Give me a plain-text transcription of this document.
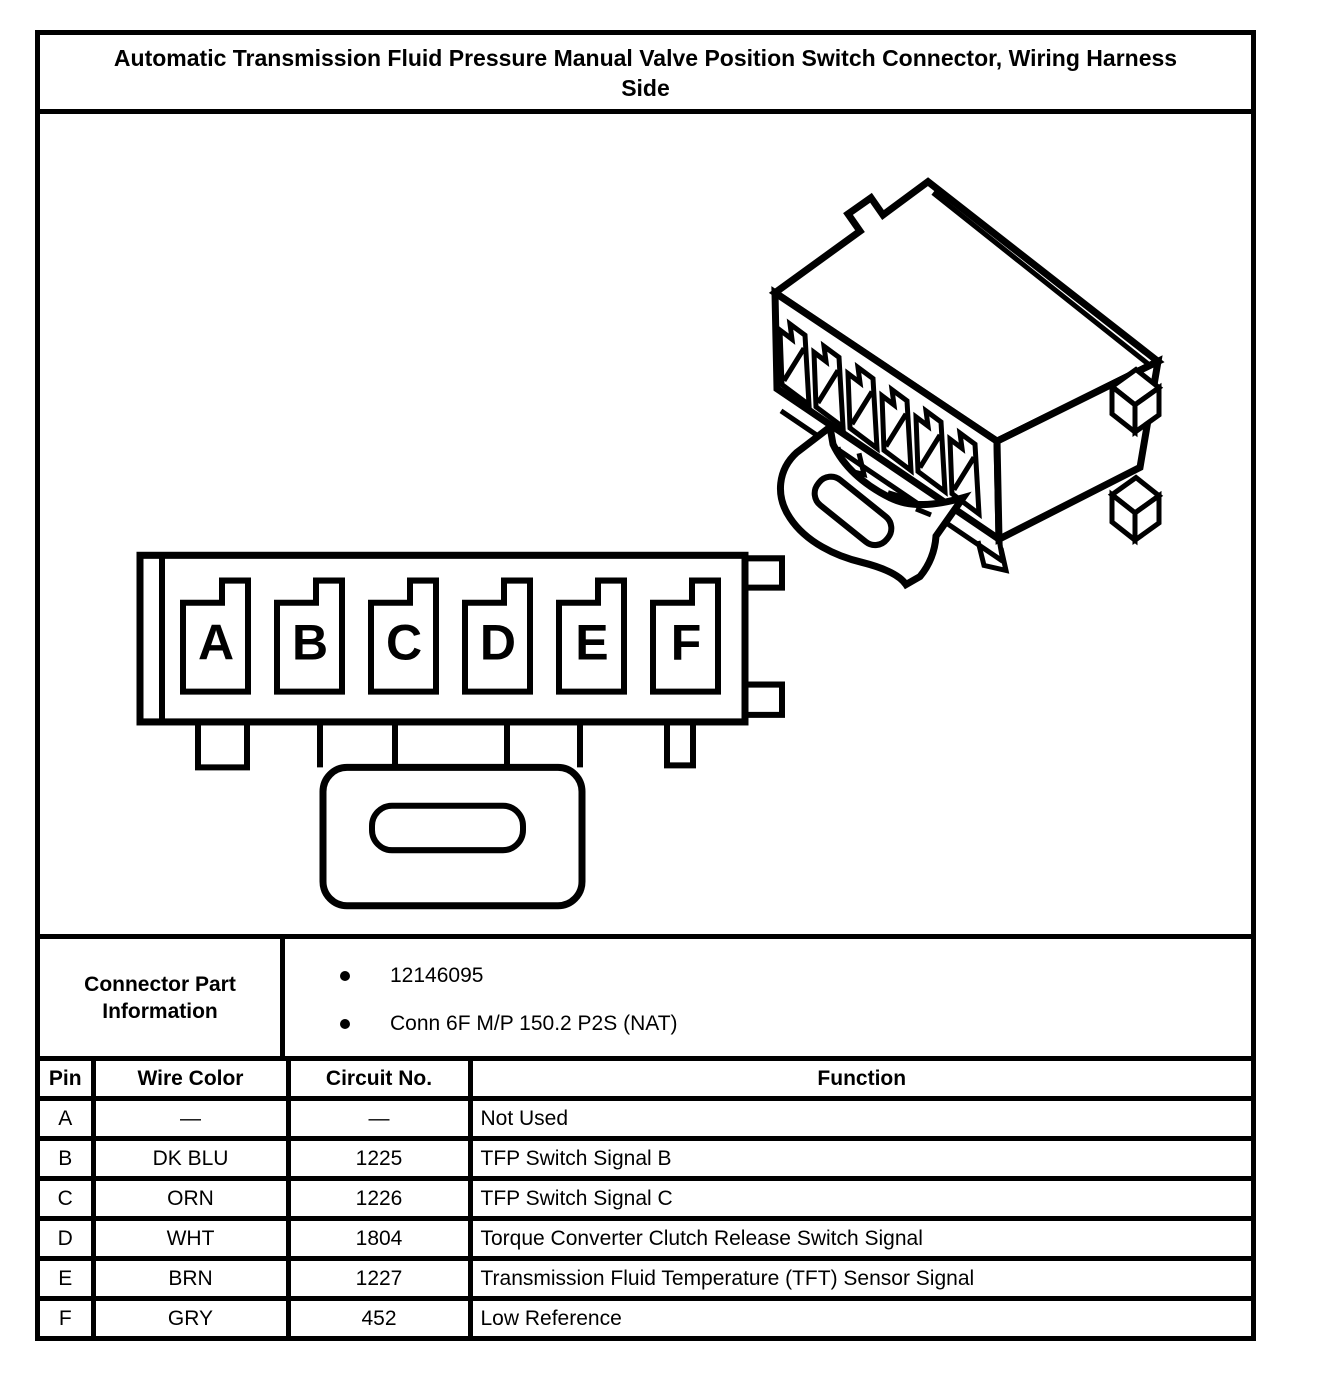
Automatic Transmission Fluid Pressure Manual Valve Position Switch Connector, Wiring Harness
Side
A B C D E F
Connector Part Information
12146095
Conn 6F M/P 150.2 P2S (NAT)
Pin	Wire Color	Circuit No.	Function
A	—	—	Not Used
B	DK BLU	1225	TFP Switch Signal B
C	ORN	1226	TFP Switch Signal C
D	WHT	1804	Torque Converter Clutch Release Switch Signal
E	BRN	1227	Transmission Fluid Temperature (TFT) Sensor Signal
F	GRY	452	Low Reference
